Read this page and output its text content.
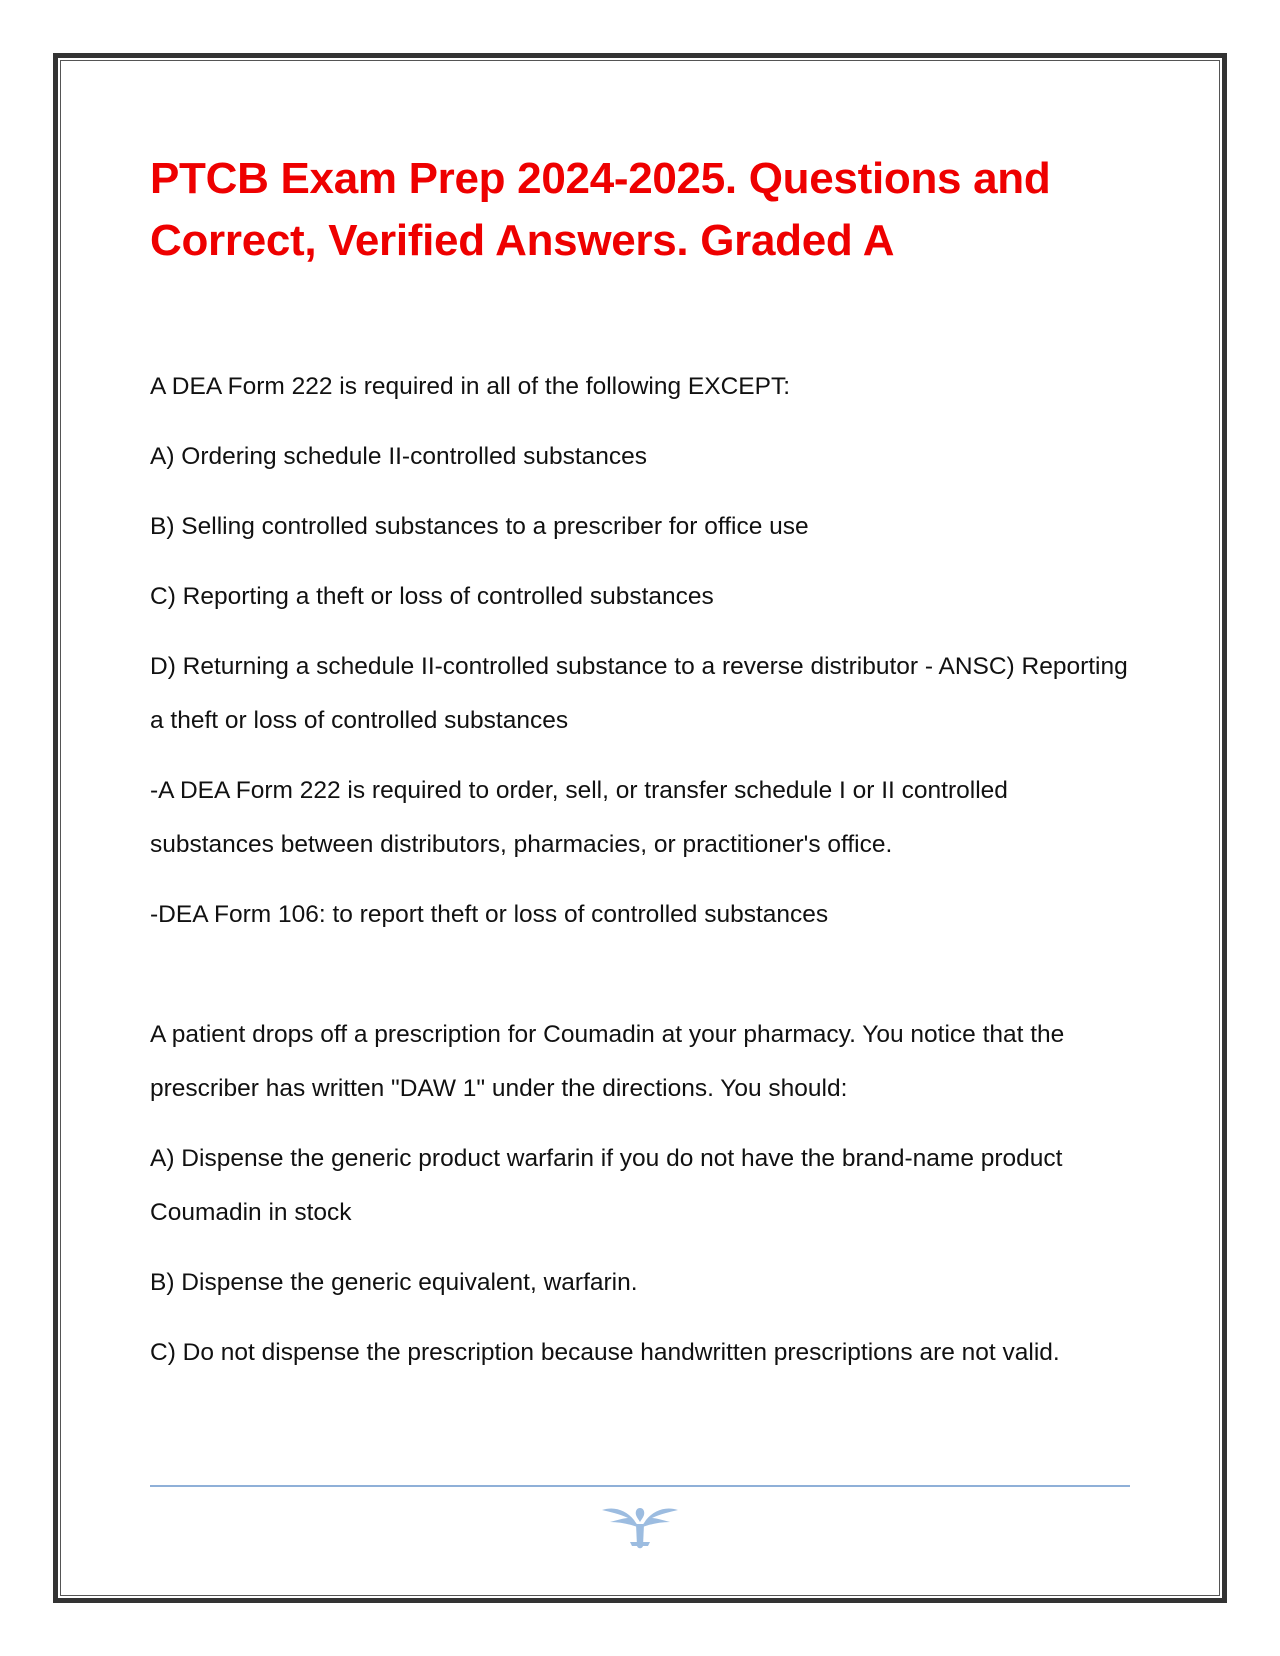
PTCB Exam Prep 2024-2025. Questions and Correct, Verified Answers. Graded A

A DEA Form 222 is required in all of the following EXCEPT:

A) Ordering schedule II-controlled substances

B) Selling controlled substances to a prescriber for office use

C) Reporting a theft or loss of controlled substances

D) Returning a schedule II-controlled substance to a reverse distributor - ANSC) Reporting a theft or loss of controlled substances

-A DEA Form 222 is required to order, sell, or transfer schedule I or II controlled substances between distributors, pharmacies, or practitioner's office.

-DEA Form 106: to report theft or loss of controlled substances

A patient drops off a prescription for Coumadin at your pharmacy. You notice that the prescriber has written "DAW 1" under the directions. You should:

A) Dispense the generic product warfarin if you do not have the brand-name product Coumadin in stock

B) Dispense the generic equivalent, warfarin.

C) Do not dispense the prescription because handwritten prescriptions are not valid.
